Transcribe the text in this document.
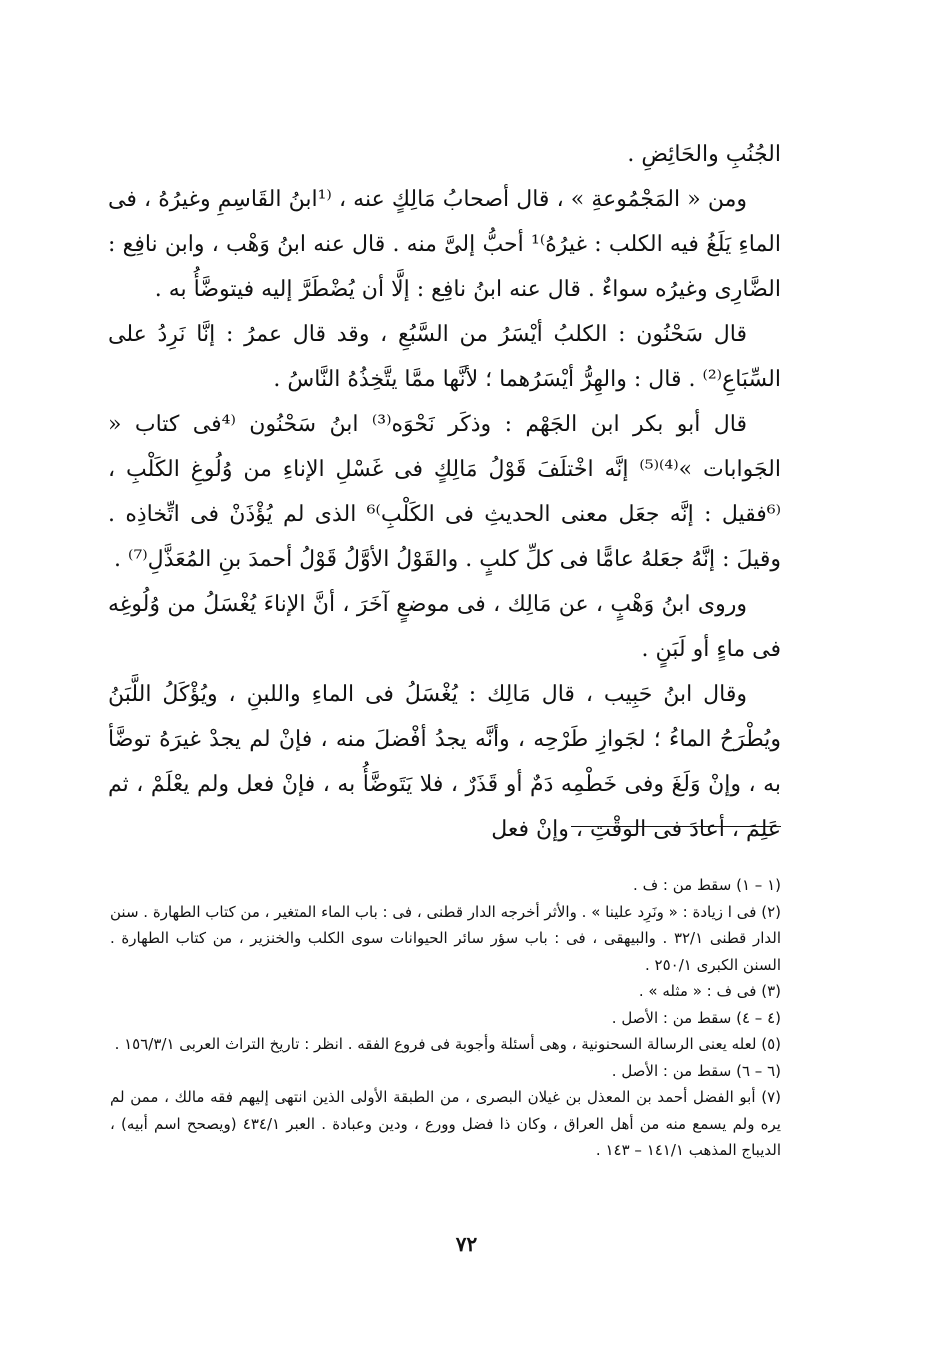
الجُنُبِ والحَائِضِ .

ومن « المَجْمُوعةِ » ، قال أصحابُ مَالِكٍ عنه ، ⁽¹ابنُ القَاسِمِ وغيرُهُ ، فى الماءِ يَلَغُ فيه الكلب : غيرُهُ⁾¹ أحبُّ إلىَّ منه . قال عنه ابنُ وَهْب ، وابن نافِع : الضَّارِى وغيرُه سواءٌ . قال عنه ابنُ نافِع : إلَّا أن يُضْطَرَّ إليه فيتوضَّأُ به .

قال سَحْنُون : الكلبُ أيْسَرُ من السَّبُعِ ، وقد قال عمرُ : إنَّا نَرِدُ على السِّبَاعِ⁽²⁾ . قال : والهِرُّ أيْسَرُهما ؛ لأنَّها ممَّا يتَّخِذُهُ النَّاسُ .

قال أبو بكر ابن الجَهْم : وذكَر نَحْوَه⁽³⁾ ابنُ سَحْنُون ⁽⁴فى كتاب « الجَوابات »⁽⁴⁾⁽⁵⁾ إنَّه اخْتلَفَ قَوْلُ مَالِكٍ فى غَسْلِ الإناءِ من وُلُوغِ الكَلْبِ ، ⁽⁶فقيل : إنَّه جعَل معنى الحديثِ فى الكَلْبِ⁾⁶ الذى لم يُؤْذَنْ فى اتِّخاذِه . وقيلَ : إنَّهُ جعَلهُ عامًّا فى كلِّ كلبٍ . والقَوْلُ الأوَّلُ قَوْلُ أحمدَ بنِ المُعَذَّلِ⁽⁷⁾ .

وروى ابنُ وَهْبٍ ، عن مَالِك ، فى موضعٍ آخَرَ ، أنَّ الإناءَ يُغْسَلُ من وُلُوغِه فى ماءٍ أو لَبَنٍ .

وقال ابنُ حَبِيب ، قال مَالِك : يُغْسَلُ فى الماءِ واللبنِ ، ويُؤْكَلُ اللَّبَنُ ويُطْرَحُ الماءُ ؛ لجَوازِ طَرْحِه ، وأنَّه يجدُ أفْضلَ منه ، فإنْ لم يجدْ غيرَهُ توضَّأ به ، وإنْ وَلَغَ وفى خَطْمِه دَمٌ أو قَذَرٌ ، فلا يَتَوضَّأُ به ، فإنْ فعل ولم يعْلَمْ ، ثم عَلِمَ ، أعادَ فى الوقْتِ ، وإنْ فعل

(١ – ١) سقط من : ف .

(٢) فى ا زيادة : « ونَرِد علينا » . والأثر أخرجه الدار قطنى ، فى : باب الماء المتغير ، من كتاب الطهارة . سنن الدار قطنى ٣٢/١ . والبيهقى ، فى : باب سؤر سائر الحيوانات سوى الكلب والخنزير ، من كتاب الطهارة . السنن الكبرى ٢٥٠/١ .

(٣) فى ف : « مثله » .

(٤ – ٤) سقط من : الأصل .

(٥) لعله يعنى الرسالة السحنونية ، وهى أسئلة وأجوبة فى فروع الفقه . انظر : تاريخ التراث العربى ١٥٦/٣/١ .

(٦ – ٦) سقط من : الأصل .

(٧) أبو الفضل أحمد بن المعذل بن غيلان البصرى ، من الطبقة الأولى الذين انتهى إليهم فقه مالك ، ممن لم يره ولم يسمع منه من أهل العراق ، وكان ذا فضل وورع ، ودين وعبادة . العبر ٤٣٤/١ (ويصحح اسم أبيه) ، الديباج المذهب ١٤١/١ – ١٤٣ .

٧٢
